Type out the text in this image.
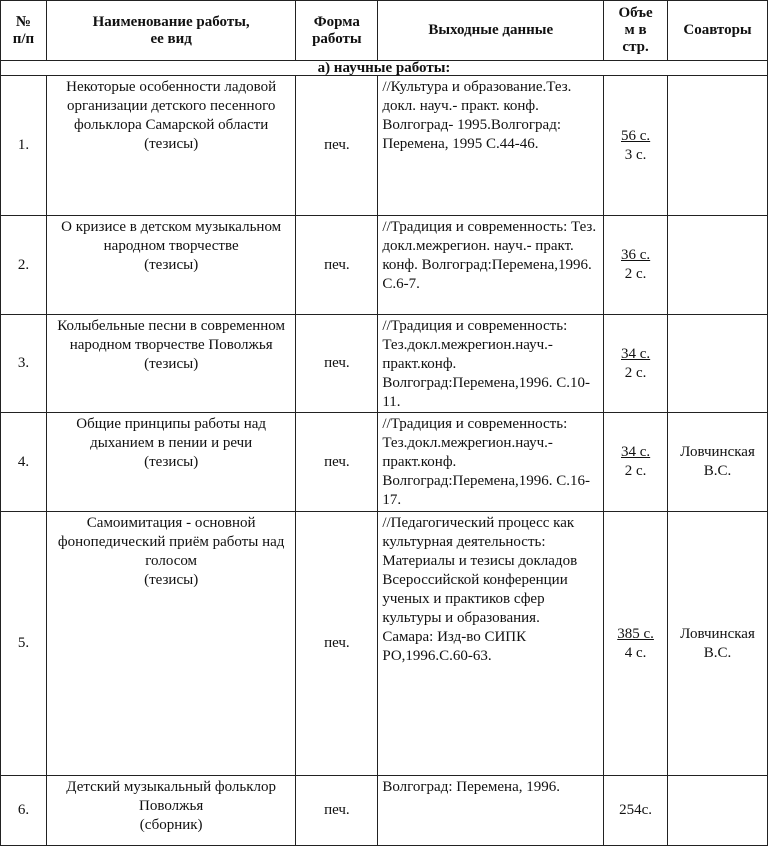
№
п/п	Наименование работы,
ее вид	Форма
работы	Выходные данные	Объе
м в
стр.	Соавторы
а) научные работы:					
1.	Некоторые особенности ладовой организации детского песенного фольклора Самарской области (тезисы)	печ.	//Культура и образование.Тез. докл. науч.- практ. конф. Волгоград- 1995.Волгоград: Перемена, 1995 С.44-46.	56 с.
3 с.	

2.	О кризисе в детском музыкальном народном творчестве
(тезисы)	печ.	//Традиция и современность: Тез. докл.межрегион. науч.- практ. конф. Волгоград:Перемена,1996. С.6-7.	36 с.
2 с.	

3.	Колыбельные песни в современном народном творчестве Поволжья (тезисы)	печ.	//Традиция и современность: Тез.докл.межрегион.науч.- практ.конф. Волгоград:Перемена,1996. С.10-11.	34 с.
2 с.	

4.	Общие принципы работы над дыханием в пении и речи
(тезисы)	печ.	//Традиция и современность: Тез.докл.межрегион.науч.- практ.конф. Волгоград:Перемена,1996. С.16-17.	34 с.
2 с.	Ловчинская
В.С.
5.	Самоимитация - основной фонопедический приём работы над голосом
(тезисы)	печ.	//Педагогический процесс как культурная деятельность: Материалы и тезисы докладов Всероссийской конференции ученых и практиков сфер культуры и образования.
Самара: Изд-во СИПК РО,1996.С.60-63.	385 с.
4 с.	Ловчинская
В.С.
6.	Детский музыкальный фольклор Поволжья
(сборник)	печ.	Волгоград: Перемена, 1996.	254с.	
